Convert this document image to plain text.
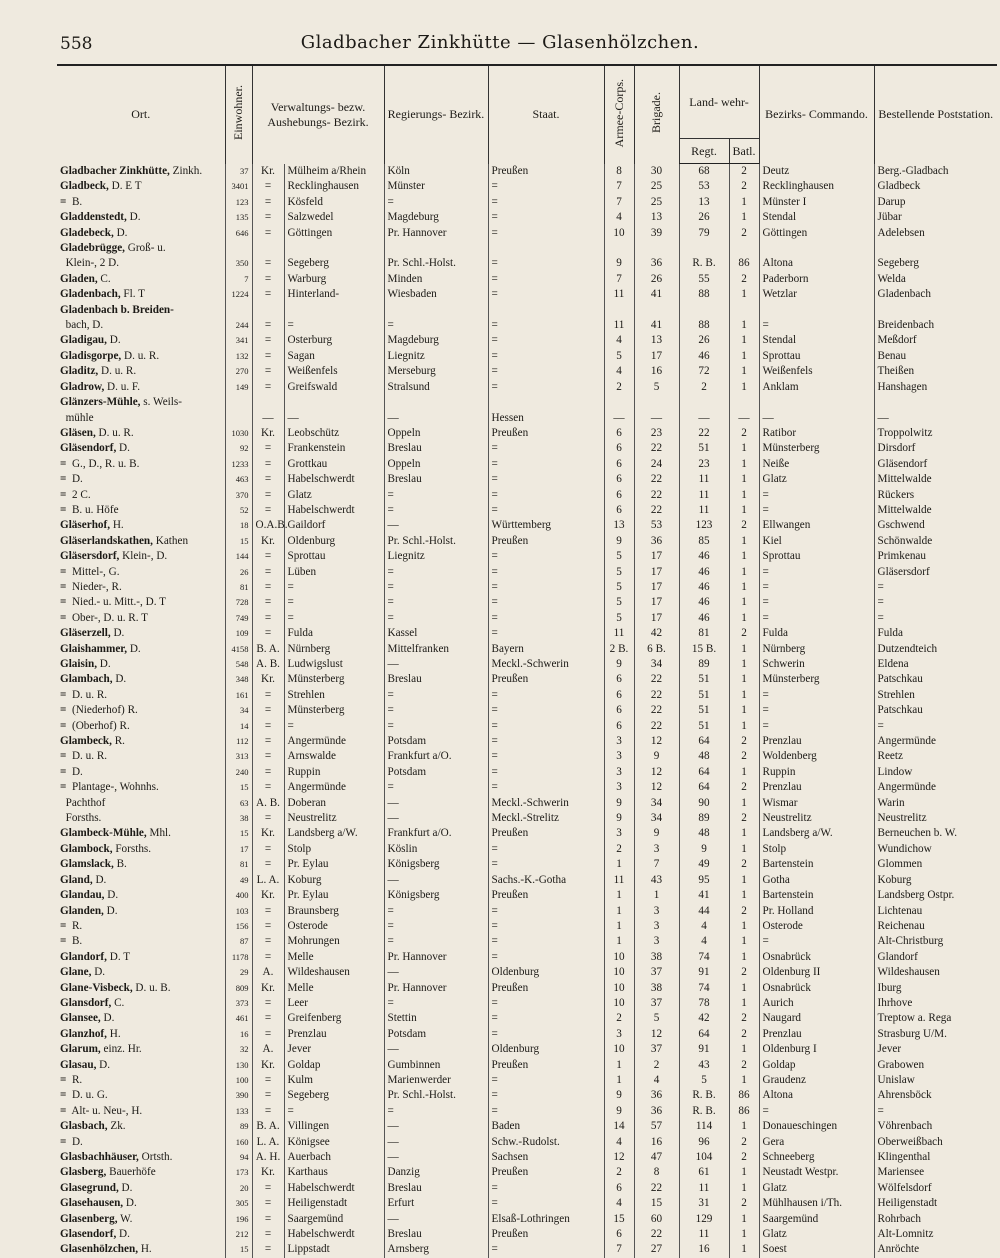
558	Gladbacher Zinkhütte — Glasenhölzchen.
Ort.	Einwohner.	Verwaltungs- bezw. Aushebungs- Bezirk.		Regierungs- Bezirk.	Staat.	Armee-Corps.	Brigade.	Land- wehr-		Bezirks- Commando.	Bestellende Poststation.
								Regt.	Batl.		
Gladbacher Zinkhütte, Zinkh.	37	Kr.	Mülheim a/Rhein	Köln	Preußen	8	30	68	2	Deutz	Berg.-Gladbach
Gladbeck, D. E T	3401	=	Recklinghausen	Münster	=	7	25	53	2	Recklinghausen	Gladbeck
=  B.	123	=	Kösfeld	=	=	7	25	13	1	Münster I	Darup
Gladdenstedt, D.	135	=	Salzwedel	Magdeburg	=	4	13	26	1	Stendal	Jübar
Gladebeck, D.	646	=	Göttingen	Pr. Hannover	=	10	39	79	2	Göttingen	Adelebsen
Gladebrügge, Groß- u.											
Klein-, 2 D.	350	=	Segeberg	Pr. Schl.-Holst.	=	9	36	R. B.	86	Altona	Segeberg
Gladen, C.	7	=	Warburg	Minden	=	7	26	55	2	Paderborn	Welda
Gladenbach, Fl. T	1224	=	Hinterland-	Wiesbaden	=	11	41	88	1	Wetzlar	Gladenbach
Gladenbach b. Breiden-											
bach, D.	244	=	=	=	=	11	41	88	1	=	Breidenbach
Gladigau, D.	341	=	Osterburg	Magdeburg	=	4	13	26	1	Stendal	Meßdorf
Gladisgorpe, D. u. R.	132	=	Sagan	Liegnitz	=	5	17	46	1	Sprottau	Benau
Gladitz, D. u. R.	270	=	Weißenfels	Merseburg	=	4	16	72	1	Weißenfels	Theißen
Gladrow, D. u. F.	149	=	Greifswald	Stralsund	=	2	5	2	1	Anklam	Hanshagen
Glänzers-Mühle, s. Weils-											
mühle		—	—	—	Hessen	—	—	—	—	—	—
Gläsen, D. u. R.	1030	Kr.	Leobschütz	Oppeln	Preußen	6	23	22	2	Ratibor	Troppolwitz
Gläsendorf, D.	92	=	Frankenstein	Breslau	=	6	22	51	1	Münsterberg	Dirsdorf
=  G., D., R. u. B.	1233	=	Grottkau	Oppeln	=	6	24	23	1	Neiße	Gläsendorf
=  D.	463	=	Habelschwerdt	Breslau	=	6	22	11	1	Glatz	Mittelwalde
=  2 C.	370	=	Glatz	=	=	6	22	11	1	=	Rückers
=  B. u. Höfe	52	=	Habelschwerdt	=	=	6	22	11	1	=	Mittelwalde
Gläserhof, H.	18	O.A.B.	Gaildorf	—	Württemberg	13	53	123	2	Ellwangen	Gschwend
Gläserlandskathen, Kathen	15	Kr.	Oldenburg	Pr. Schl.-Holst.	Preußen	9	36	85	1	Kiel	Schönwalde
Gläsersdorf, Klein-, D.	144	=	Sprottau	Liegnitz	=	5	17	46	1	Sprottau	Primkenau
=  Mittel-, G.	26	=	Lüben	=	=	5	17	46	1	=	Gläsersdorf
=  Nieder-, R.	81	=	=	=	=	5	17	46	1	=	=
=  Nied.- u. Mitt.-, D. T	728	=	=	=	=	5	17	46	1	=	=
=  Ober-, D. u. R. T	749	=	=	=	=	5	17	46	1	=	=
Gläserzell, D.	109	=	Fulda	Kassel	=	11	42	81	2	Fulda	Fulda
Glaishammer, D.	4158	B. A.	Nürnberg	Mittelfranken	Bayern	2 B.	6 B.	15 B.	1	Nürnberg	Dutzendteich
Glaisin, D.	548	A. B.	Ludwigslust	—	Meckl.-Schwerin	9	34	89	1	Schwerin	Eldena
Glambach, D.	348	Kr.	Münsterberg	Breslau	Preußen	6	22	51	1	Münsterberg	Patschkau
=  D. u. R.	161	=	Strehlen	=	=	6	22	51	1	=	Strehlen
=  (Niederhof) R.	34	=	Münsterberg	=	=	6	22	51	1	=	Patschkau
=  (Oberhof) R.	14	=	=	=	=	6	22	51	1	=	=
Glambeck, R.	112	=	Angermünde	Potsdam	=	3	12	64	2	Prenzlau	Angermünde
=  D. u. R.	313	=	Arnswalde	Frankfurt a/O.	=	3	9	48	2	Woldenberg	Reetz
=  D.	240	=	Ruppin	Potsdam	=	3	12	64	1	Ruppin	Lindow
=  Plantage-, Wohnhs.	15	=	Angermünde	=	=	3	12	64	2	Prenzlau	Angermünde
Pachthof	63	A. B.	Doberan	—	Meckl.-Schwerin	9	34	90	1	Wismar	Warin
Forsths.	38	=	Neustrelitz	—	Meckl.-Strelitz	9	34	89	2	Neustrelitz	Neustrelitz
Glambeck-Mühle, Mhl.	15	Kr.	Landsberg a/W.	Frankfurt a/O.	Preußen	3	9	48	1	Landsberg a/W.	Berneuchen b. W.
Glambock, Forsths.	17	=	Stolp	Köslin	=	2	3	9	1	Stolp	Wundichow
Glamslack, B.	81	=	Pr. Eylau	Königsberg	=	1	7	49	2	Bartenstein	Glommen
Gland, D.	49	L. A.	Koburg	—	Sachs.-K.-Gotha	11	43	95	1	Gotha	Koburg
Glandau, D.	400	Kr.	Pr. Eylau	Königsberg	Preußen	1	1	41	1	Bartenstein	Landsberg Ostpr.
Glanden, D.	103	=	Braunsberg	=	=	1	3	44	2	Pr. Holland	Lichtenau
=  R.	156	=	Osterode	=	=	1	3	4	1	Osterode	Reichenau
=  B.	87	=	Mohrungen	=	=	1	3	4	1	=	Alt-Christburg
Glandorf, D. T	1178	=	Melle	Pr. Hannover	=	10	38	74	1	Osnabrück	Glandorf
Glane, D.	29	A.	Wildeshausen	—	Oldenburg	10	37	91	2	Oldenburg II	Wildeshausen
Glane-Visbeck, D. u. B.	809	Kr.	Melle	Pr. Hannover	Preußen	10	38	74	1	Osnabrück	Iburg
Glansdorf, C.	373	=	Leer	=	=	10	37	78	1	Aurich	Ihrhove
Glansee, D.	461	=	Greifenberg	Stettin	=	2	5	42	2	Naugard	Treptow a. Rega
Glanzhof, H.	16	=	Prenzlau	Potsdam	=	3	12	64	2	Prenzlau	Strasburg U/M.
Glarum, einz. Hr.	32	A.	Jever	—	Oldenburg	10	37	91	1	Oldenburg I	Jever
Glasau, D.	130	Kr.	Goldap	Gumbinnen	Preußen	1	2	43	2	Goldap	Grabowen
=  R.	100	=	Kulm	Marienwerder	=	1	4	5	1	Graudenz	Unislaw
=  D. u. G.	390	=	Segeberg	Pr. Schl.-Holst.	=	9	36	R. B.	86	Altona	Ahrensböck
=  Alt- u. Neu-, H.	133	=	=	=	=	9	36	R. B.	86	=	=
Glasbach, Zk.	89	B. A.	Villingen	—	Baden	14	57	114	1	Donaueschingen	Vöhrenbach
=  D.	160	L. A.	Königsee	—	Schw.-Rudolst.	4	16	96	2	Gera	Oberweißbach
Glasbachhäuser, Ortsth.	94	A. H.	Auerbach	—	Sachsen	12	47	104	2	Schneeberg	Klingenthal
Glasberg, Bauerhöfe	173	Kr.	Karthaus	Danzig	Preußen	2	8	61	1	Neustadt Westpr.	Mariensee
Glasegrund, D.	20	=	Habelschwerdt	Breslau	=	6	22	11	1	Glatz	Wölfelsdorf
Glasehausen, D.	305	=	Heiligenstadt	Erfurt	=	4	15	31	2	Mühlhausen i/Th.	Heiligenstadt
Glasenberg, W.	196	=	Saargemünd	—	Elsaß-Lothringen	15	60	129	1	Saargemünd	Rohrbach
Glasendorf, D.	212	=	Habelschwerdt	Breslau	Preußen	6	22	11	1	Glatz	Alt-Lomnitz
Glasenhölzchen, H.	15	=	Lippstadt	Arnsberg	=	7	27	16	1	Soest	Anröchte
